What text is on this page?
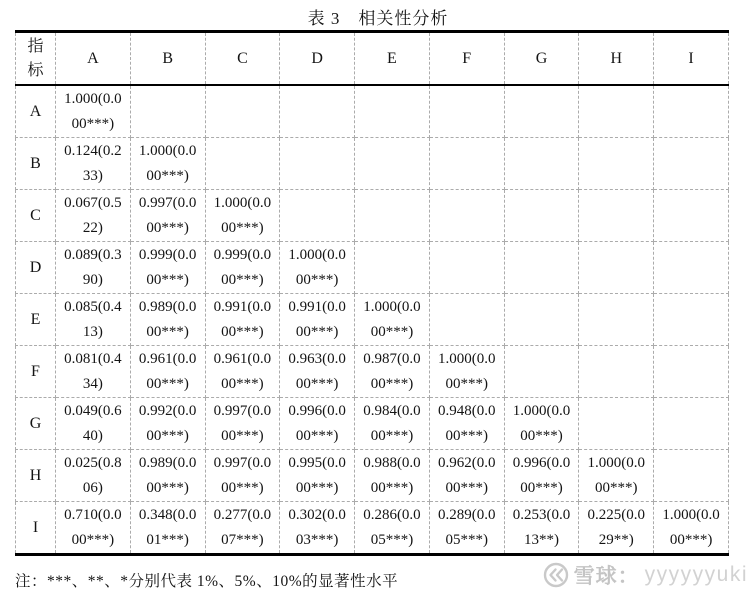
表 3　相关性分析
指标	A	B	C	D	E	F	G	H	I
A	1.000(0.0
00***)								

B	0.124(0.2
33)	1.000(0.0
00***)							

C	0.067(0.5
22)	0.997(0.0
00***)	1.000(0.0
00***)						

D	0.089(0.3
90)	0.999(0.0
00***)	0.999(0.0
00***)	1.000(0.0
00***)					

E	0.085(0.4
13)	0.989(0.0
00***)	0.991(0.0
00***)	0.991(0.0
00***)	1.000(0.0
00***)				

F	0.081(0.4
34)	0.961(0.0
00***)	0.961(0.0
00***)	0.963(0.0
00***)	0.987(0.0
00***)	1.000(0.0
00***)			

G	0.049(0.6
40)	0.992(0.0
00***)	0.997(0.0
00***)	0.996(0.0
00***)	0.984(0.0
00***)	0.948(0.0
00***)	1.000(0.0
00***)		

H	0.025(0.8
06)	0.989(0.0
00***)	0.997(0.0
00***)	0.995(0.0
00***)	0.988(0.0
00***)	0.962(0.0
00***)	0.996(0.0
00***)	1.000(0.0
00***)	

I	0.710(0.0
00***)	0.348(0.0
01***)	0.277(0.0
07***)	0.302(0.0
03***)	0.286(0.0
05***)	0.289(0.0
05***)	0.253(0.0
13**)	0.225(0.0
29**)	1.000(0.0
00***)
注：***、**、*分别代表 1%、5%、10%的显著性水平	雪球： yyyyyyuki
